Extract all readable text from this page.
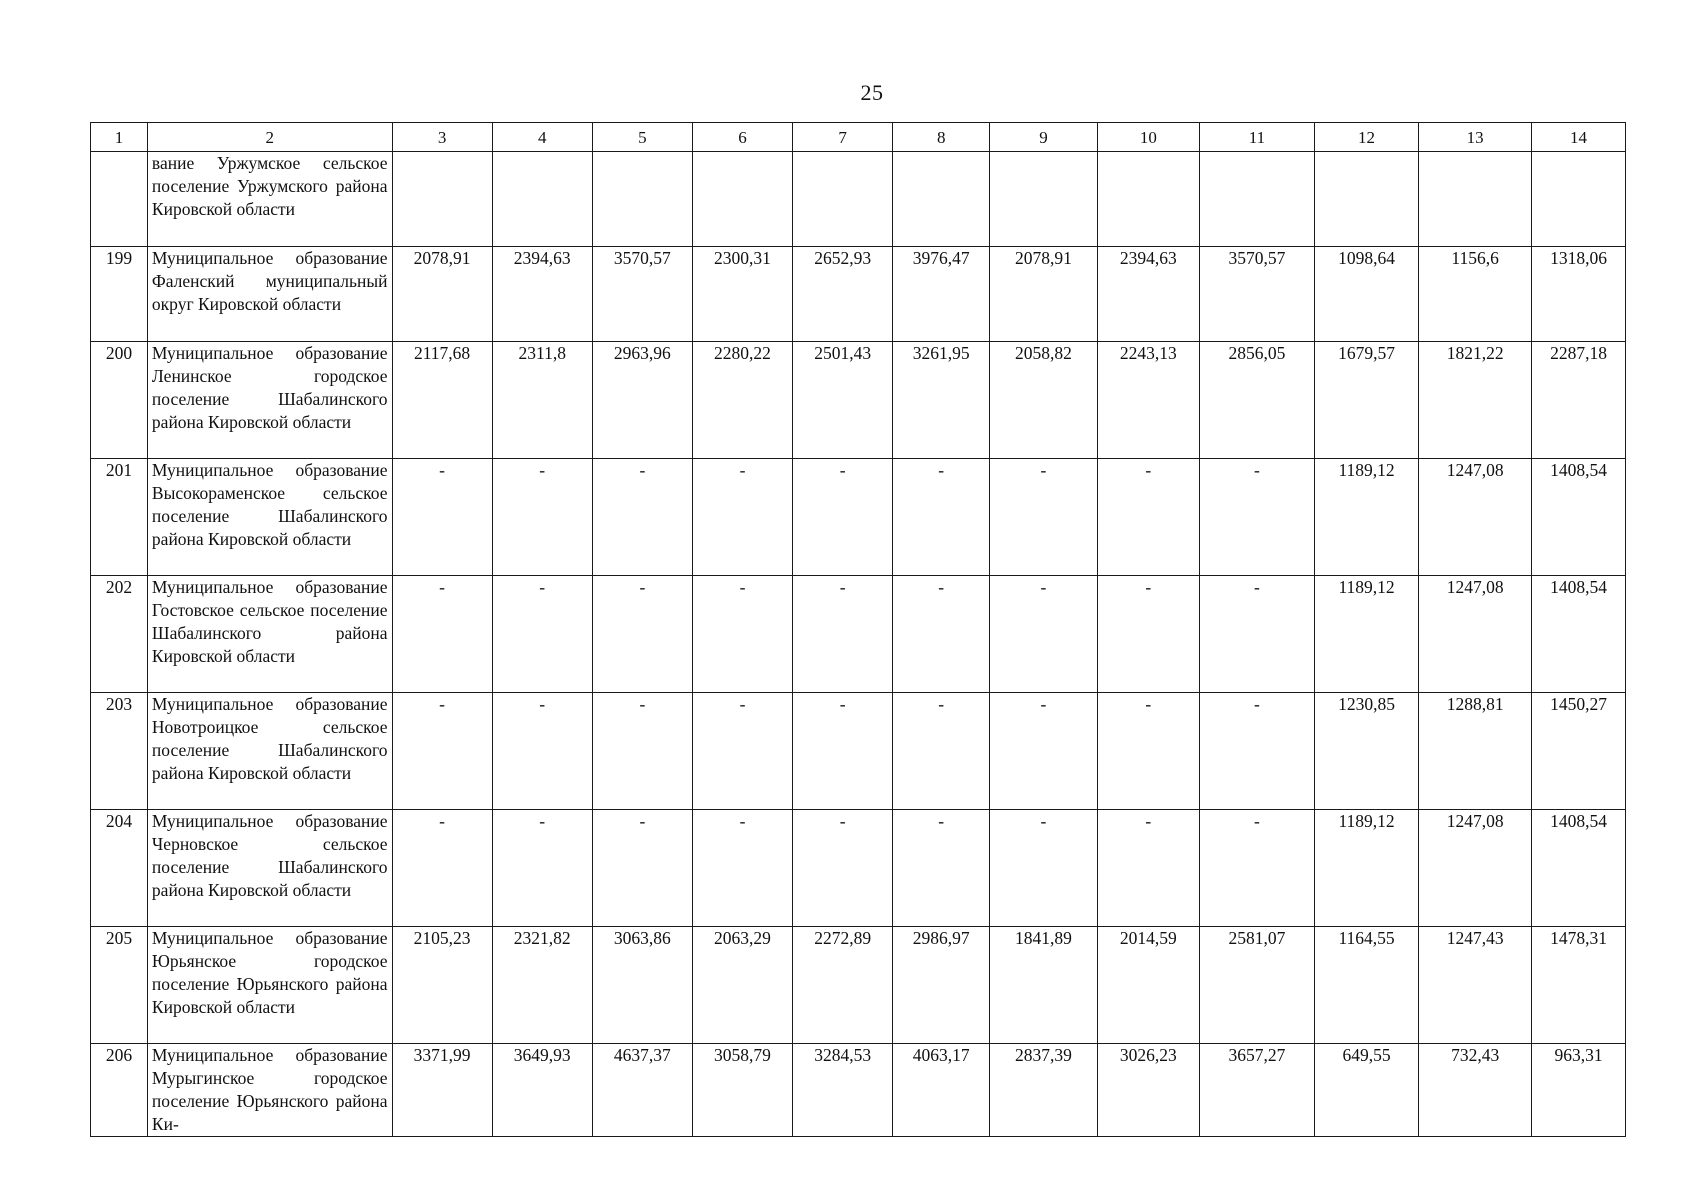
25
1	2	3	4	5	6	7	8	9	10	11	12	13	14
	вание Уржумское сельское поселение Уржумского района Кировской области												
199	Муниципальное образование Фаленский муниципальный округ Кировской области	2078,91	2394,63	3570,57	2300,31	2652,93	3976,47	2078,91	2394,63	3570,57	1098,64	1156,6	1318,06
200	Муниципальное образование Ленинское городское поселение Шабалинского района Кировской области	2117,68	2311,8	2963,96	2280,22	2501,43	3261,95	2058,82	2243,13	2856,05	1679,57	1821,22	2287,18
201	Муниципальное образование Высокораменское сельское поселение Шабалинского района Кировской области	-	-	-	-	-	-	-	-	-	1189,12	1247,08	1408,54
202	Муниципальное образование Гостовское сельское поселение Шабалинского района Кировской области	-	-	-	-	-	-	-	-	-	1189,12	1247,08	1408,54
203	Муниципальное образование Новотроицкое сельское поселение Шабалинского района Кировской области	-	-	-	-	-	-	-	-	-	1230,85	1288,81	1450,27
204	Муниципальное образование Черновское сельское поселение Шабалинского района Кировской области	-	-	-	-	-	-	-	-	-	1189,12	1247,08	1408,54
205	Муниципальное образование Юрьянское городское поселение Юрьянского района Кировской области	2105,23	2321,82	3063,86	2063,29	2272,89	2986,97	1841,89	2014,59	2581,07	1164,55	1247,43	1478,31
206	Муниципальное образование Мурыгинское городское поселение Юрьянского района Ки-	3371,99	3649,93	4637,37	3058,79	3284,53	4063,17	2837,39	3026,23	3657,27	649,55	732,43	963,31
